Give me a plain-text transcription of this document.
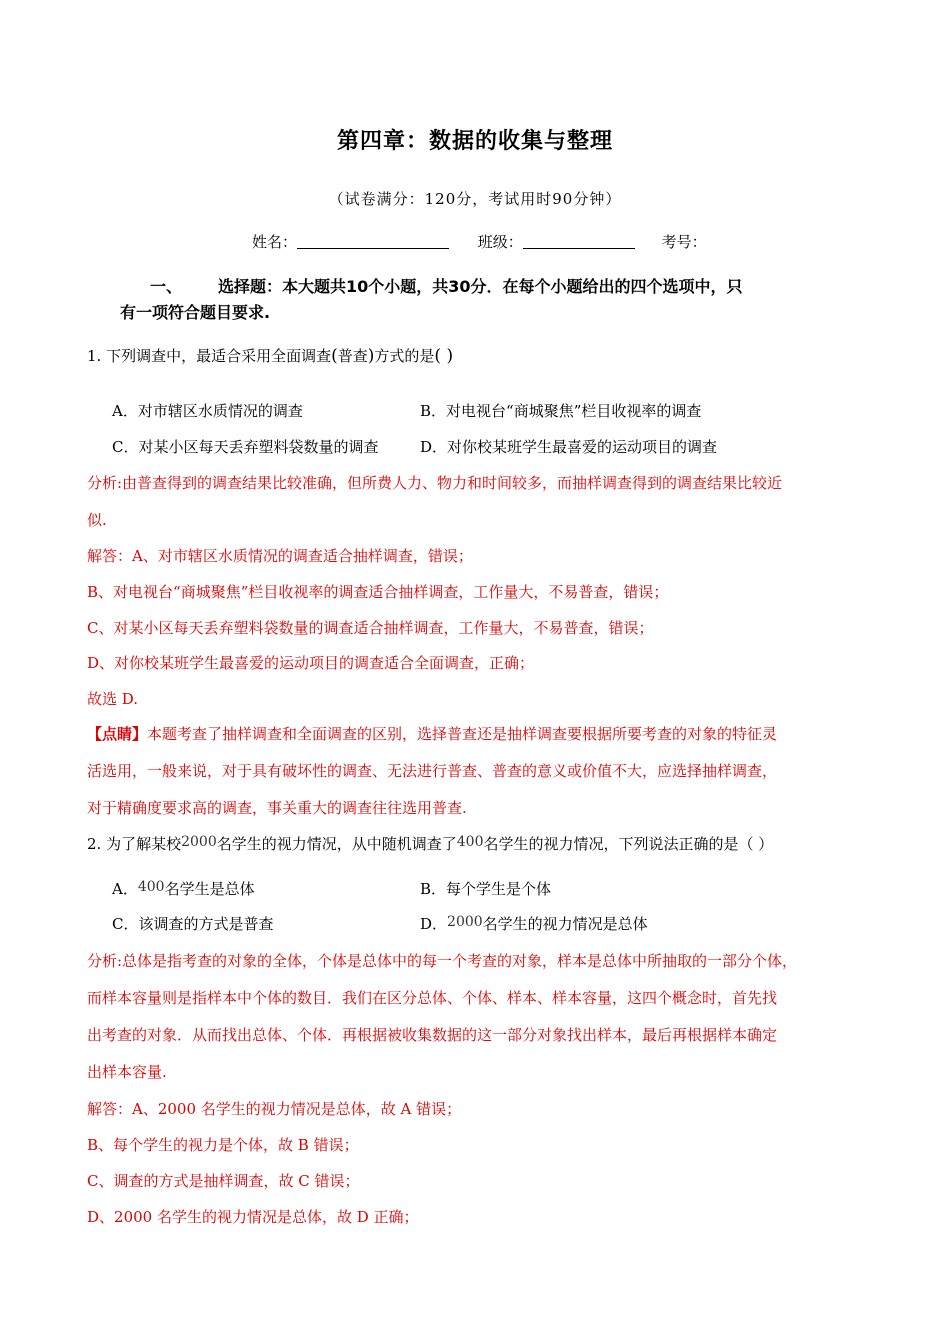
第四章：数据的收集与整理
（试卷满分：120分，考试用时90分钟）
姓名：	班级：	考号：
一、 选择题：本大题共10个小题，共30分．在每个小题给出的四个选项中，只
有一项符合题目要求.
1. 下列调查中，最适合采用全面调查(普查)方式的是( )
A．对市辖区水质情况的调查	B．对电视台“商城聚焦”栏目收视率的调查
C．对某小区每天丢弃塑料袋数量的调查	D．对你校某班学生最喜爱的运动项目的调查
分析:由普查得到的调查结果比较准确，但所费人力、物力和时间较多，而抽样调查得到的调查结果比较近
似.
解答：A、对市辖区水质情况的调查适合抽样调查，错误；
B、对电视台“商城聚焦”栏目收视率的调查适合抽样调查，工作量大，不易普查，错误；
C、对某小区每天丢弃塑料袋数量的调查适合抽样调查，工作量大，不易普查，错误；
D、对你校某班学生最喜爱的运动项目的调查适合全面调查，正确；
故选 D.
【点睛】本题考查了抽样调查和全面调查的区别，选择普查还是抽样调查要根据所要考查的对象的特征灵
活选用，一般来说，对于具有破坏性的调查、无法进行普查、普查的意义或价值不大，应选择抽样调查，
对于精确度要求高的调查，事关重大的调查往往选用普查.
2. 为了解某校2000名学生的视力情况，从中随机调查了400名学生的视力情况，下列说法正确的是（ ）
A．400名学生是总体	B．每个学生是个体
C．该调查的方式是普查	D．2000名学生的视力情况是总体
分析:总体是指考查的对象的全体，个体是总体中的每一个考查的对象，样本是总体中所抽取的一部分个体，
而样本容量则是指样本中个体的数目．我们在区分总体、个体、样本、样本容量，这四个概念时，首先找
出考查的对象．从而找出总体、个体．再根据被收集数据的这一部分对象找出样本，最后再根据样本确定
出样本容量.
解答：A、2000 名学生的视力情况是总体，故 A 错误；
B、每个学生的视力是个体，故 B 错误；
C、调查的方式是抽样调查，故 C 错误；
D、2000 名学生的视力情况是总体，故 D 正确；
